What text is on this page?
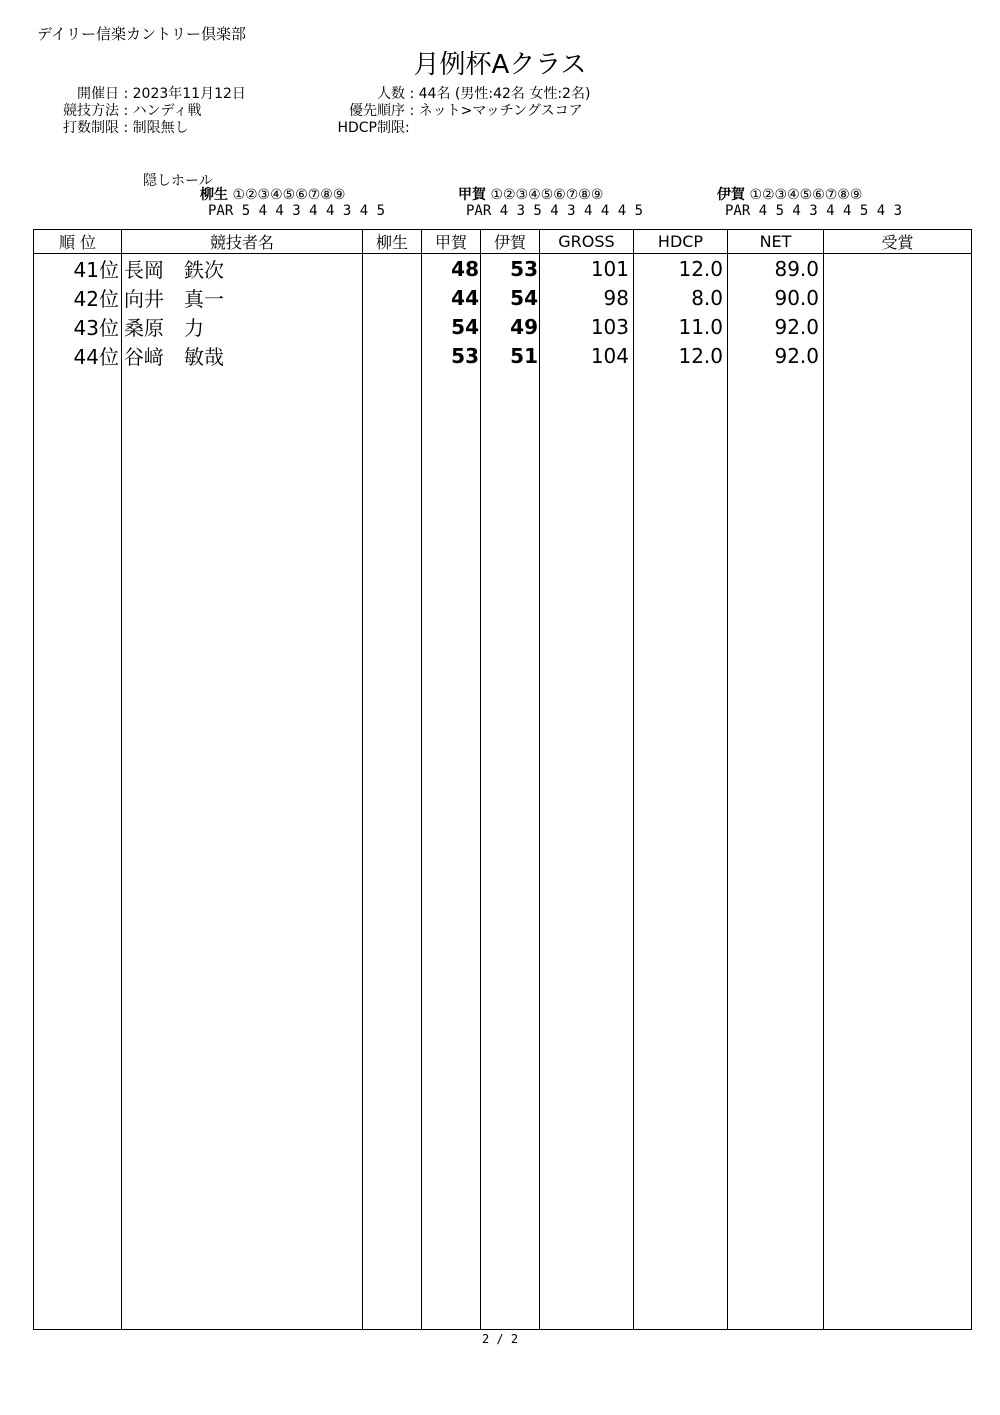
デイリー信楽カントリー倶楽部
月例杯Aクラス
開催日 : 2023年11月12日
競技方法 : ハンディ戦
打数制限 : 制限無し
人数 : 44名 (男性:42名 女性:2名)
優先順序 : ネット>マッチングスコア
HDCP制限:
隠しホール
柳生 ①②③④⑤⑥⑦⑧⑨
PAR 5 4 4 3 4 4 3 4 5
甲賀 ①②③④⑤⑥⑦⑧⑨
PAR 4 3 5 4 3 4 4 4 5
伊賀 ①②③④⑤⑥⑦⑧⑨
PAR 4 5 4 3 4 4 5 4 3
順 位	競技者名	柳生	甲賀	伊賀	GROSS	HDCP	NET	受賞
41位	長岡　鉄次		48	53	101	12.0	89.0	
42位	向井　真一		44	54	98	8.0	90.0	
43位	桑原　力		54	49	103	11.0	92.0	
44位	谷﨑　敏哉		53	51	104	12.0	92.0	

2 / 2
